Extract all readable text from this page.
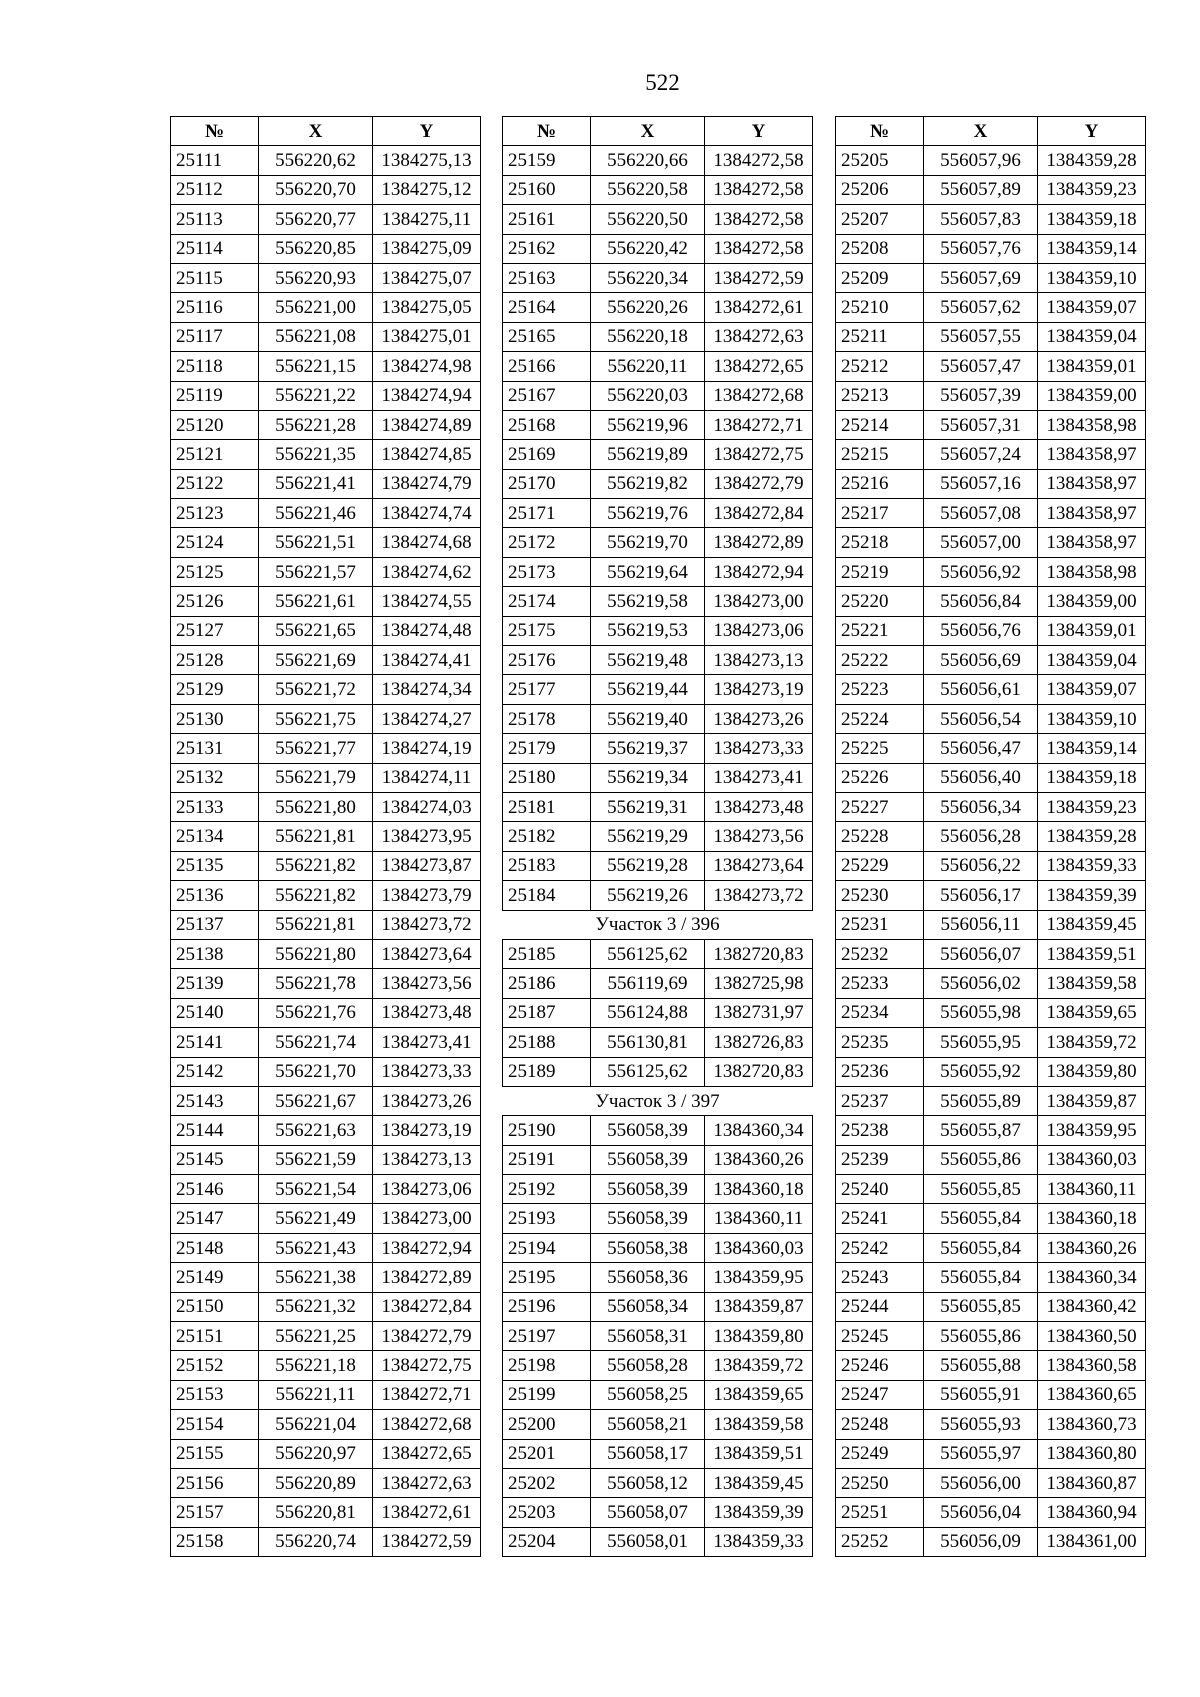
522
№	X	Y
25111	556220,62	1384275,13
25112	556220,70	1384275,12
25113	556220,77	1384275,11
25114	556220,85	1384275,09
25115	556220,93	1384275,07
25116	556221,00	1384275,05
25117	556221,08	1384275,01
25118	556221,15	1384274,98
25119	556221,22	1384274,94
25120	556221,28	1384274,89
25121	556221,35	1384274,85
25122	556221,41	1384274,79
25123	556221,46	1384274,74
25124	556221,51	1384274,68
25125	556221,57	1384274,62
25126	556221,61	1384274,55
25127	556221,65	1384274,48
25128	556221,69	1384274,41
25129	556221,72	1384274,34
25130	556221,75	1384274,27
25131	556221,77	1384274,19
25132	556221,79	1384274,11
25133	556221,80	1384274,03
25134	556221,81	1384273,95
25135	556221,82	1384273,87
25136	556221,82	1384273,79
25137	556221,81	1384273,72
25138	556221,80	1384273,64
25139	556221,78	1384273,56
25140	556221,76	1384273,48
25141	556221,74	1384273,41
25142	556221,70	1384273,33
25143	556221,67	1384273,26
25144	556221,63	1384273,19
25145	556221,59	1384273,13
25146	556221,54	1384273,06
25147	556221,49	1384273,00
25148	556221,43	1384272,94
25149	556221,38	1384272,89
25150	556221,32	1384272,84
25151	556221,25	1384272,79
25152	556221,18	1384272,75
25153	556221,11	1384272,71
25154	556221,04	1384272,68
25155	556220,97	1384272,65
25156	556220,89	1384272,63
25157	556220,81	1384272,61
25158	556220,74	1384272,59
№	X	Y
25159	556220,66	1384272,58
25160	556220,58	1384272,58
25161	556220,50	1384272,58
25162	556220,42	1384272,58
25163	556220,34	1384272,59
25164	556220,26	1384272,61
25165	556220,18	1384272,63
25166	556220,11	1384272,65
25167	556220,03	1384272,68
25168	556219,96	1384272,71
25169	556219,89	1384272,75
25170	556219,82	1384272,79
25171	556219,76	1384272,84
25172	556219,70	1384272,89
25173	556219,64	1384272,94
25174	556219,58	1384273,00
25175	556219,53	1384273,06
25176	556219,48	1384273,13
25177	556219,44	1384273,19
25178	556219,40	1384273,26
25179	556219,37	1384273,33
25180	556219,34	1384273,41
25181	556219,31	1384273,48
25182	556219,29	1384273,56
25183	556219,28	1384273,64
25184	556219,26	1384273,72
Участок 3 / 396		
25185	556125,62	1382720,83
25186	556119,69	1382725,98
25187	556124,88	1382731,97
25188	556130,81	1382726,83
25189	556125,62	1382720,83
Участок 3 / 397		
25190	556058,39	1384360,34
25191	556058,39	1384360,26
25192	556058,39	1384360,18
25193	556058,39	1384360,11
25194	556058,38	1384360,03
25195	556058,36	1384359,95
25196	556058,34	1384359,87
25197	556058,31	1384359,80
25198	556058,28	1384359,72
25199	556058,25	1384359,65
25200	556058,21	1384359,58
25201	556058,17	1384359,51
25202	556058,12	1384359,45
25203	556058,07	1384359,39
25204	556058,01	1384359,33
№	X	Y
25205	556057,96	1384359,28
25206	556057,89	1384359,23
25207	556057,83	1384359,18
25208	556057,76	1384359,14
25209	556057,69	1384359,10
25210	556057,62	1384359,07
25211	556057,55	1384359,04
25212	556057,47	1384359,01
25213	556057,39	1384359,00
25214	556057,31	1384358,98
25215	556057,24	1384358,97
25216	556057,16	1384358,97
25217	556057,08	1384358,97
25218	556057,00	1384358,97
25219	556056,92	1384358,98
25220	556056,84	1384359,00
25221	556056,76	1384359,01
25222	556056,69	1384359,04
25223	556056,61	1384359,07
25224	556056,54	1384359,10
25225	556056,47	1384359,14
25226	556056,40	1384359,18
25227	556056,34	1384359,23
25228	556056,28	1384359,28
25229	556056,22	1384359,33
25230	556056,17	1384359,39
25231	556056,11	1384359,45
25232	556056,07	1384359,51
25233	556056,02	1384359,58
25234	556055,98	1384359,65
25235	556055,95	1384359,72
25236	556055,92	1384359,80
25237	556055,89	1384359,87
25238	556055,87	1384359,95
25239	556055,86	1384360,03
25240	556055,85	1384360,11
25241	556055,84	1384360,18
25242	556055,84	1384360,26
25243	556055,84	1384360,34
25244	556055,85	1384360,42
25245	556055,86	1384360,50
25246	556055,88	1384360,58
25247	556055,91	1384360,65
25248	556055,93	1384360,73
25249	556055,97	1384360,80
25250	556056,00	1384360,87
25251	556056,04	1384360,94
25252	556056,09	1384361,00
